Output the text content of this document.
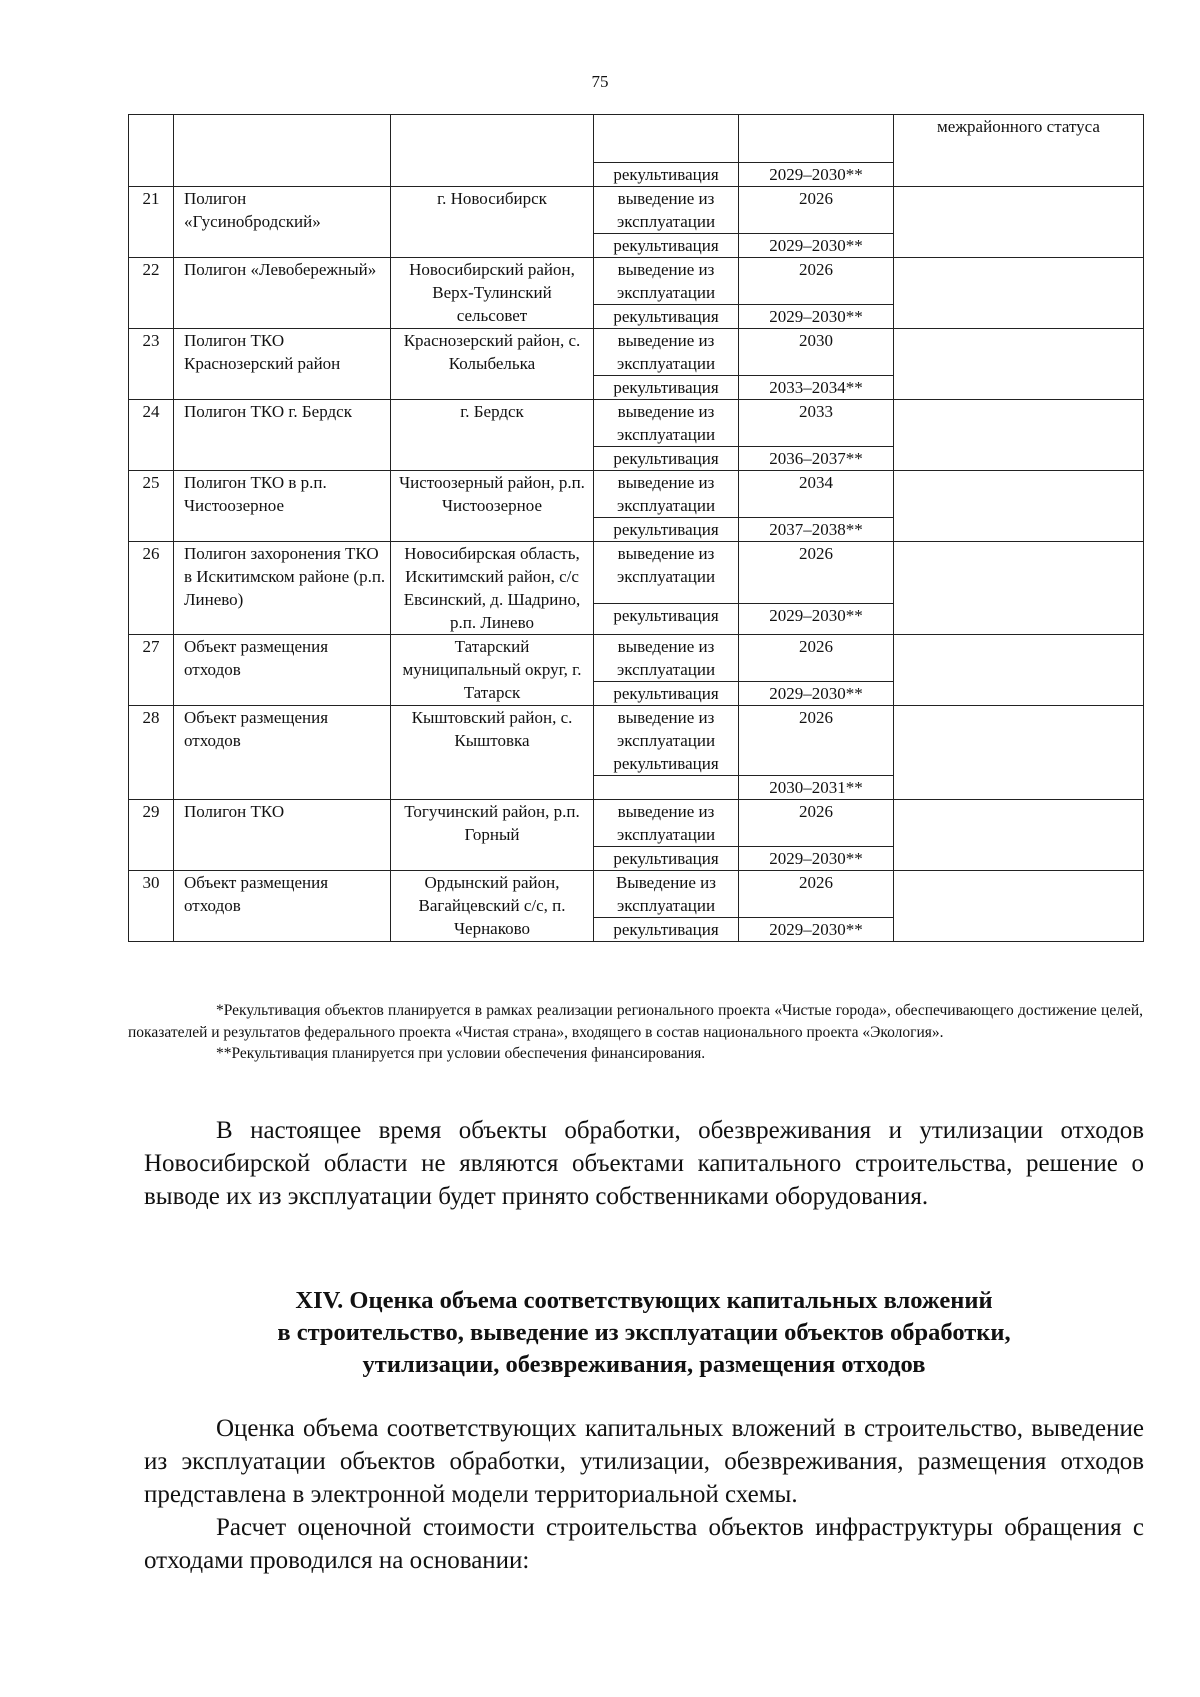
75
					межрайонного статуса
			рекультивация	2029–2030**	
21	Полигон «Гусинобродский»	г. Новосибирск	выведение из эксплуатации	2026	
			рекультивация	2029–2030**	
22	Полигон «Левобережный»	Новосибирский район, Верх-Тулинский сельсовет	выведение из эксплуатации	2026	
			рекультивация	2029–2030**	
23	Полигон ТКО Краснозерский район	Краснозерский район, с. Колыбелька	выведение из эксплуатации	2030	
			рекультивация	2033–2034**	
24	Полигон ТКО г. Бердск	г. Бердск	выведение из эксплуатации	2033	
			рекультивация	2036–2037**	
25	Полигон ТКО в р.п. Чистоозерное	Чистоозерный район, р.п. Чистоозерное	выведение из эксплуатации	2034	
			рекультивация	2037–2038**	
26	Полигон захоронения ТКО в Искитимском районе (р.п. Линево)	Новосибирская область, Искитимский район, с/с Евсинский, д. Шадрино, р.п. Линево	выведение из эксплуатации	2026	
			рекультивация	2029–2030**	
27	Объект размещения отходов	Татарский муниципальный округ, г. Татарск	выведение из эксплуатации	2026	
			рекультивация	2029–2030**	
28	Объект размещения отходов	Кыштовский район, с. Кыштовка	выведение из эксплуатации рекультивация	2026	
				2030–2031**	
29	Полигон ТКО	Тогучинский район, р.п. Горный	выведение из эксплуатации	2026	
			рекультивация	2029–2030**	
30	Объект размещения отходов	Ордынский район, Вагайцевский с/с, п. Чернаково	Выведение из эксплуатации	2026	
			рекультивация	2029–2030**	

*Рекультивация объектов планируется в рамках реализации регионального проекта «Чистые города», обеспечивающего достижение целей, показателей и результатов федерального проекта «Чистая страна», входящего в состав национального проекта «Экология».

**Рекультивация планируется при условии обеспечения финансирования.

В настоящее время объекты обработки, обезвреживания и утилизации отходов Новосибирской области не являются объектами капитального строительства, решение о выводе их из эксплуатации будет принято собственниками оборудования.

XIV. Оценка объема соответствующих капитальных вложений
в строительство, выведение из эксплуатации объектов обработки,
утилизации, обезвреживания, размещения отходов

Оценка объема соответствующих капитальных вложений в строительство, выведение из эксплуатации объектов обработки, утилизации, обезвреживания, размещения отходов представлена в электронной модели территориальной схемы.

Расчет оценочной стоимости строительства объектов инфраструктуры обращения с отходами проводился на основании:
